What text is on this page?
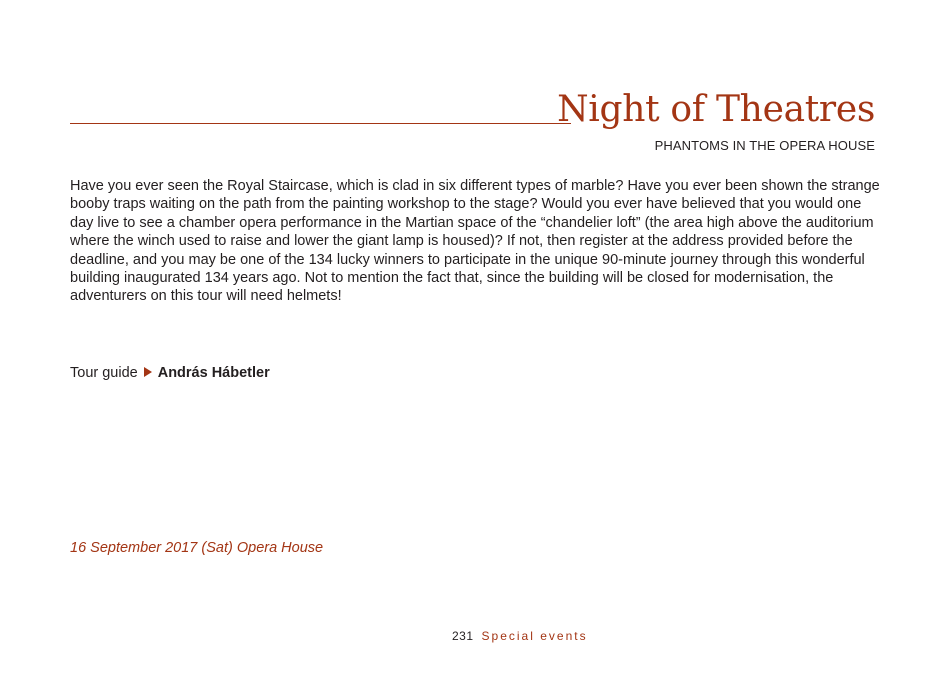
Night of Theatres
PHANTOMS IN THE OPERA HOUSE

Have you ever seen the Royal Staircase, which is clad in six different types of marble? Have you ever been shown the strange booby traps waiting on the path from the painting workshop to the stage? Would you ever have believed that you would one day live to see a chamber opera performance in the Martian space of the “chandelier loft” (the area high above the auditorium where the winch used to raise and lower the giant lamp is housed)? If not, then register at the address provided before the deadline, and you may be one of the 134 lucky winners to participate in the unique 90-minute journey through this wonderful building inaugurated 134 years ago. Not to mention the fact that, since the building will be closed for modernisation, the adventurers on this tour will need helmets!

Tour guide András Hábetler

16 September 2017 (Sat) Opera House

231 Special events
